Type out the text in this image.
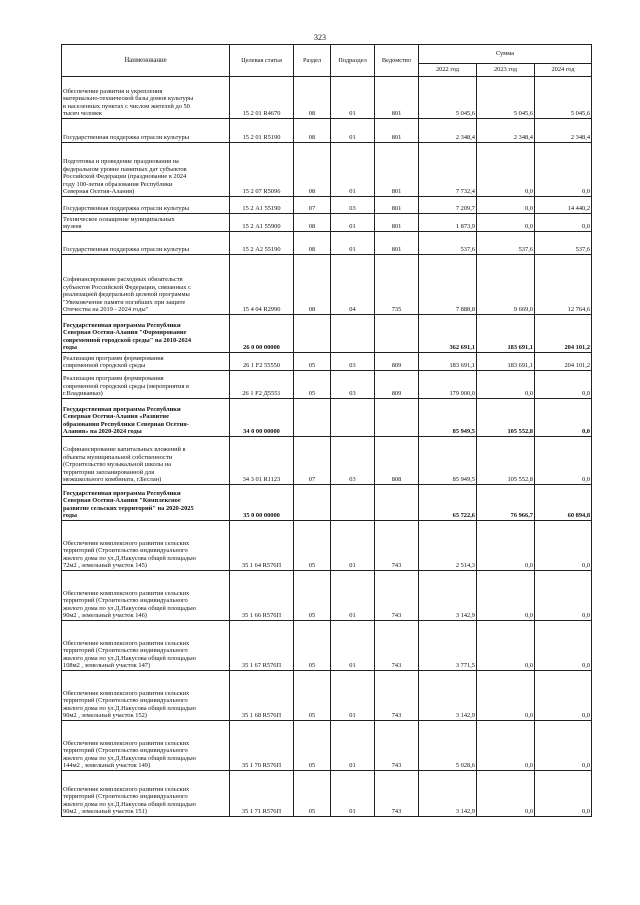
323
Наименование	Целевая статья	Раздел	Подраздел	Ведомство	Сумма		
					2022 год	2023 год	2024 год
Обеспечение развития и укрепления
материально-технической базы домов культуры
в населенных пунктах с числом жителей до 50
тысяч человек	15 2 01 R4670	08	01	801	5 045,6	5 045,6	5 045,6
Государственная поддержка отрасли культуры	15 2 01 R5190	08	01	801	2 348,4	2 348,4	2 348,4
Подготовка и проведение празднования на
федеральном уровне памятных дат субъектов
Российской Федерации (празднование в 2024
году 100-летия образования Республики
Северная Осетия-Алания)	15 2 07 R5096	08	01	801	7 732,4	0,0	0,0
Государственная поддержка отрасли культуры	15 2 А1 55190	07	03	801	7 209,7	0,0	14 440,2
Техническое оснащение муниципальных
музеев	15 2 А1 55900	08	01	801	1 873,9	0,0	0,0
Государственная поддержка отрасли культуры	15 2 А2 55190	08	01	801	537,6	537,6	537,6
Софинансирование расходных обязательств
субъектов Российской Федерации, связанных с
реализацией федеральной целевой программы
"Увековечение памяти погибших при защите
Отечества на 2019 - 2024 годы"	15 4 04 R2990	08	04	735	7 888,8	9 669,0	12 764,6
Государственная программа Республики
Северная Осетия-Алания "Формирование
современной городской среды" на 2018-2024
годы	26 0 00 00000				362 691,1	183 691,1	204 101,2
Реализация программ формирования
современной городской среды	26 1 F2 55550	05	03	809	183 691,1	183 691,1	204 101,2
Реализация программ формирования
современной городской среды (мероприятия в
г.Владикавказ)	26 1 F2 Д5551	05	03	809	179 000,0	0,0	0,0
Государственная программа Республики
Северная Осетия-Алания «Развитие
образования Республики Северная Осетия-
Алания» на 2020-2024 годы	34 0 00 00000				85 949,5	105 552,8	0,0
Софинансирование капитальных вложений в
объекты муниципальной собственности
(Строительство музыкальной школы на
территории запланированной для
межшкольного комбината, г.Беслан)	34 3 01 R1123	07	03	808	85 949,5	105 552,8	0,0
Государственная программа Республики
Северная Осетия-Алания "Комплексное
развитие сельских территорий" на 2020-2025
годы	35 0 00 00000				65 722,6	76 966,7	60 894,8
Обеспечение комплексного развития сельских
территорий (Строительство индивидуального
жилого дома по ул.Д.Накусова общей площадью
72м2 , земельный участок 145)	35 1 64 R576П	05	01	743	2 514,3	0,0	0,0
Обеспечение комплексного развития сельских
территорий (Строительство индивидуального
жилого дома по ул.Д.Накусова общей площадью
90м2 , земельный участок 146)	35 1 66 R576П	05	01	743	3 142,9	0,0	0,0
Обеспечение комплексного развития сельских
территорий (Строительство индивидуального
жилого дома по ул.Д.Накусова общей площадью
108м2 , земельный участок 147)	35 1 67 R576П	05	01	743	3 771,5	0,0	0,0
Обеспечение комплексного развития сельских
территорий (Строительство индивидуального
жилого дома по ул.Д.Накусова общей площадью
90м2 , земельный участок 152)	35 1 68 R576П	05	01	743	3 142,9	0,0	0,0
Обеспечение комплексного развития сельских
территорий (Строительство индивидуального
жилого дома по ул.Д.Накусова общей площадью
144м2 , земельный участок 149)	35 1 70 R576П	05	01	743	5 028,6	0,0	0,0
Обеспечение комплексного развития сельских
территорий (Строительство индивидуального
жилого дома по ул.Д.Накусова общей площадью
90м2 , земельный участок 151)	35 1 71 R576П	05	01	743	3 142,9	0,0	0,0
